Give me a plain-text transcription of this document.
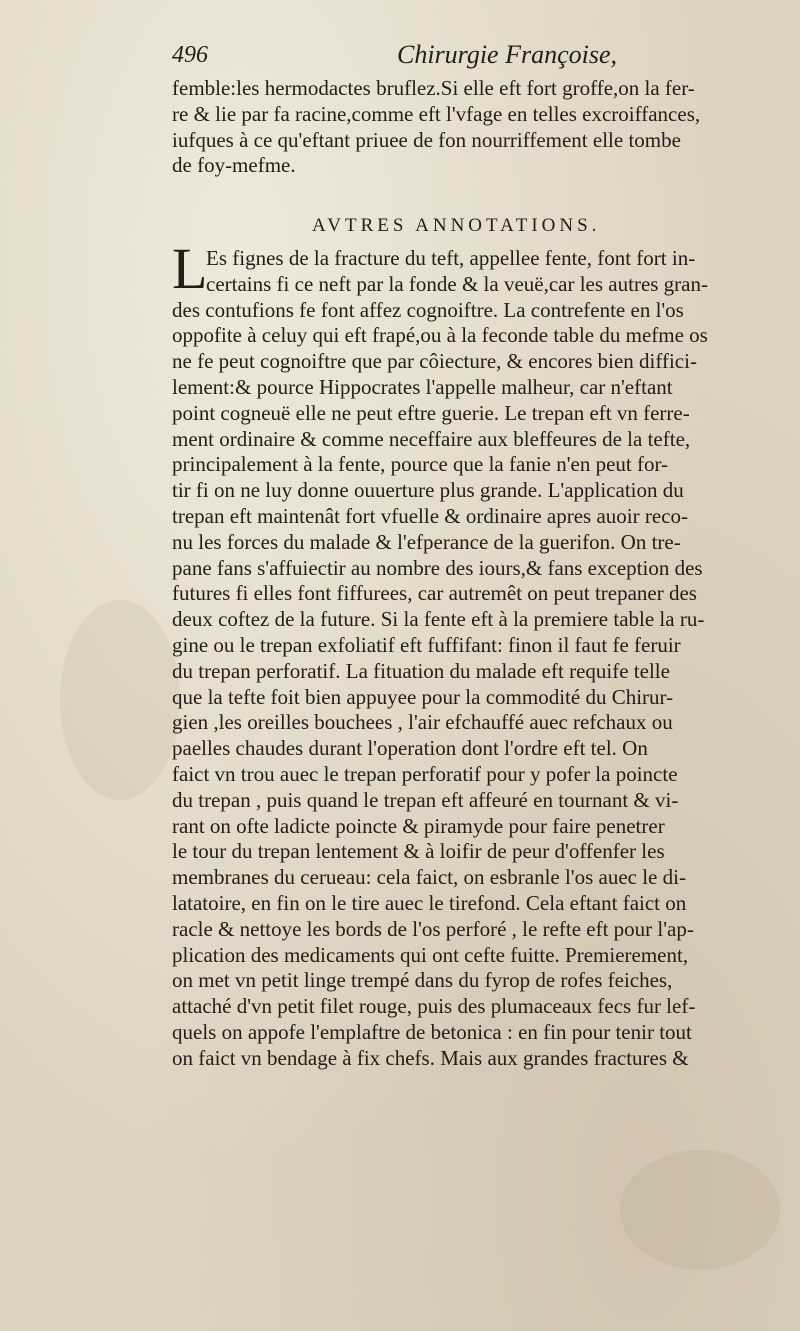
496	Chirurgie Françoise,
femble:les hermodactes bruflez.Si elle eft fort groffe,on la fer-
re & lie par fa racine,comme eft l'vfage en telles excroiffances,
iufques à ce qu'eftant priuee de fon nourriffement elle tombe
de foy-mefme.
AVTRES ANNOTATIONS.
L
Es fignes de la fracture du teft, appellee fente, font fort in-
certains fi ce neft par la fonde & la veuë,car les autres gran-
des contufions fe font affez cognoiftre. La contrefente en l'os
oppofite à celuy qui eft frapé,ou à la feconde table du mefme os
ne fe peut cognoiftre que par côiecture, & encores bien diffici-
lement:& pource Hippocrates l'appelle malheur, car n'eftant
point cogneuë elle ne peut eftre guerie. Le trepan eft vn ferre-
ment ordinaire & comme neceffaire aux bleffeures de la tefte,
principalement à la fente, pource que la fanie n'en peut for-
tir fi on ne luy donne ouuerture plus grande. L'application du
trepan eft maintenât fort vfuelle & ordinaire apres auoir reco-
nu les forces du malade & l'efperance de la guerifon. On tre-
pane fans s'affuiectir au nombre des iours,& fans exception des
futures fi elles font fiffurees, car autremêt on peut trepaner des
deux coftez de la future. Si la fente eft à la premiere table la ru-
gine ou le trepan exfoliatif eft fuffifant: finon il faut fe feruir
du trepan perforatif. La fituation du malade eft requife telle
que la tefte foit bien appuyee pour la commodité du Chirur-
gien ,les oreilles bouchees , l'air efchauffé auec refchaux ou
paelles chaudes durant l'operation dont l'ordre eft tel. On
faict vn trou auec le trepan perforatif pour y pofer la poincte
du trepan , puis quand le trepan eft affeuré en tournant & vi-
rant on ofte ladicte poincte & piramyde pour faire penetrer
le tour du trepan lentement & à loifir de peur d'offenfer les
membranes du cerueau: cela faict, on esbranle l'os auec le di-
latatoire, en fin on le tire auec le tirefond. Cela eftant faict on
racle & nettoye les bords de l'os perforé , le refte eft pour l'ap-
plication des medicaments qui ont cefte fuitte. Premierement,
on met vn petit linge trempé dans du fyrop de rofes feiches,
attaché d'vn petit filet rouge, puis des plumaceaux fecs fur lef-
quels on appofe l'emplaftre de betonica : en fin pour tenir tout
on faict vn bendage à fix chefs. Mais aux grandes fractures &
